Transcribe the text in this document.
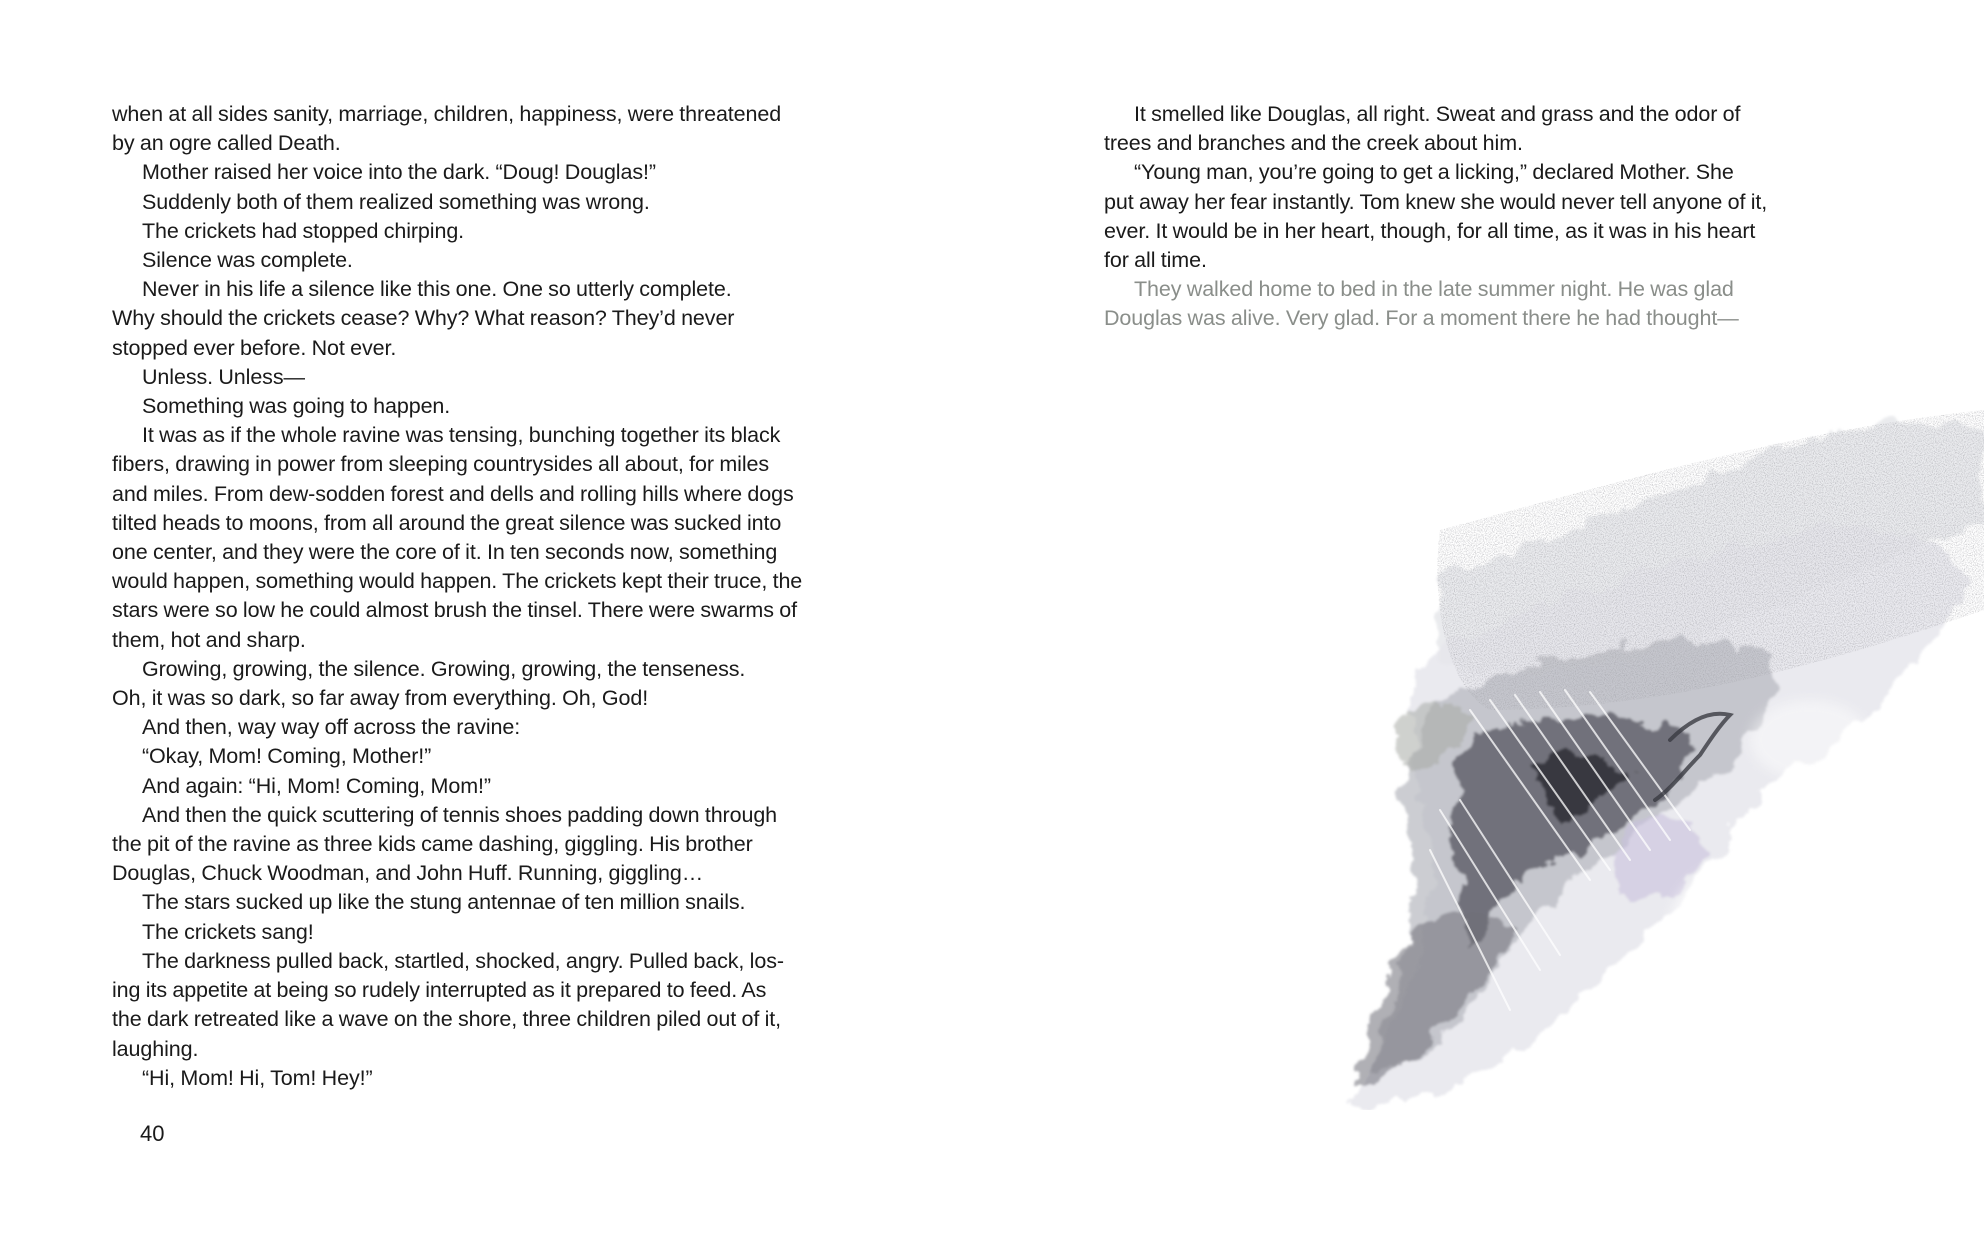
when at all sides sanity, marriage, children, happiness, were threatened
by an ogre called Death.
Mother raised her voice into the dark. “Doug! Douglas!”
Suddenly both of them realized something was wrong.
The crickets had stopped chirping.
Silence was complete.
Never in his life a silence like this one. One so utterly complete.
Why should the crickets cease? Why? What reason? They’d never
stopped ever before. Not ever.
Unless. Unless—
Something was going to happen.
It was as if the whole ravine was tensing, bunching together its black
fibers, drawing in power from sleeping countrysides all about, for miles
and miles. From dew-sodden forest and dells and rolling hills where dogs
tilted heads to moons, from all around the great silence was sucked into
one center, and they were the core of it. In ten seconds now, something
would happen, something would happen. The crickets kept their truce, the
stars were so low he could almost brush the tinsel. There were swarms of
them, hot and sharp.
Growing, growing, the silence. Growing, growing, the tenseness.
Oh, it was so dark, so far away from everything. Oh, God!
And then, way way off across the ravine:
“Okay, Mom! Coming, Mother!”
And again: “Hi, Mom! Coming, Mom!”
And then the quick scuttering of tennis shoes padding down through
the pit of the ravine as three kids came dashing, giggling. His brother
Douglas, Chuck Woodman, and John Huff. Running, giggling…
The stars sucked up like the stung antennae of ten million snails.
The crickets sang!
The darkness pulled back, startled, shocked, angry. Pulled back, los-
ing its appetite at being so rudely interrupted as it prepared to feed. As
the dark retreated like a wave on the shore, three children piled out of it,
laughing.
“Hi, Mom! Hi, Tom! Hey!”
40
It smelled like Douglas, all right. Sweat and grass and the odor of
trees and branches and the creek about him.
“Young man, you’re going to get a licking,” declared Mother. She
put away her fear instantly. Tom knew she would never tell anyone of it,
ever. It would be in her heart, though, for all time, as it was in his heart
for all time.
They walked home to bed in the late summer night. He was glad
Douglas was alive. Very glad. For a moment there he had thought—
